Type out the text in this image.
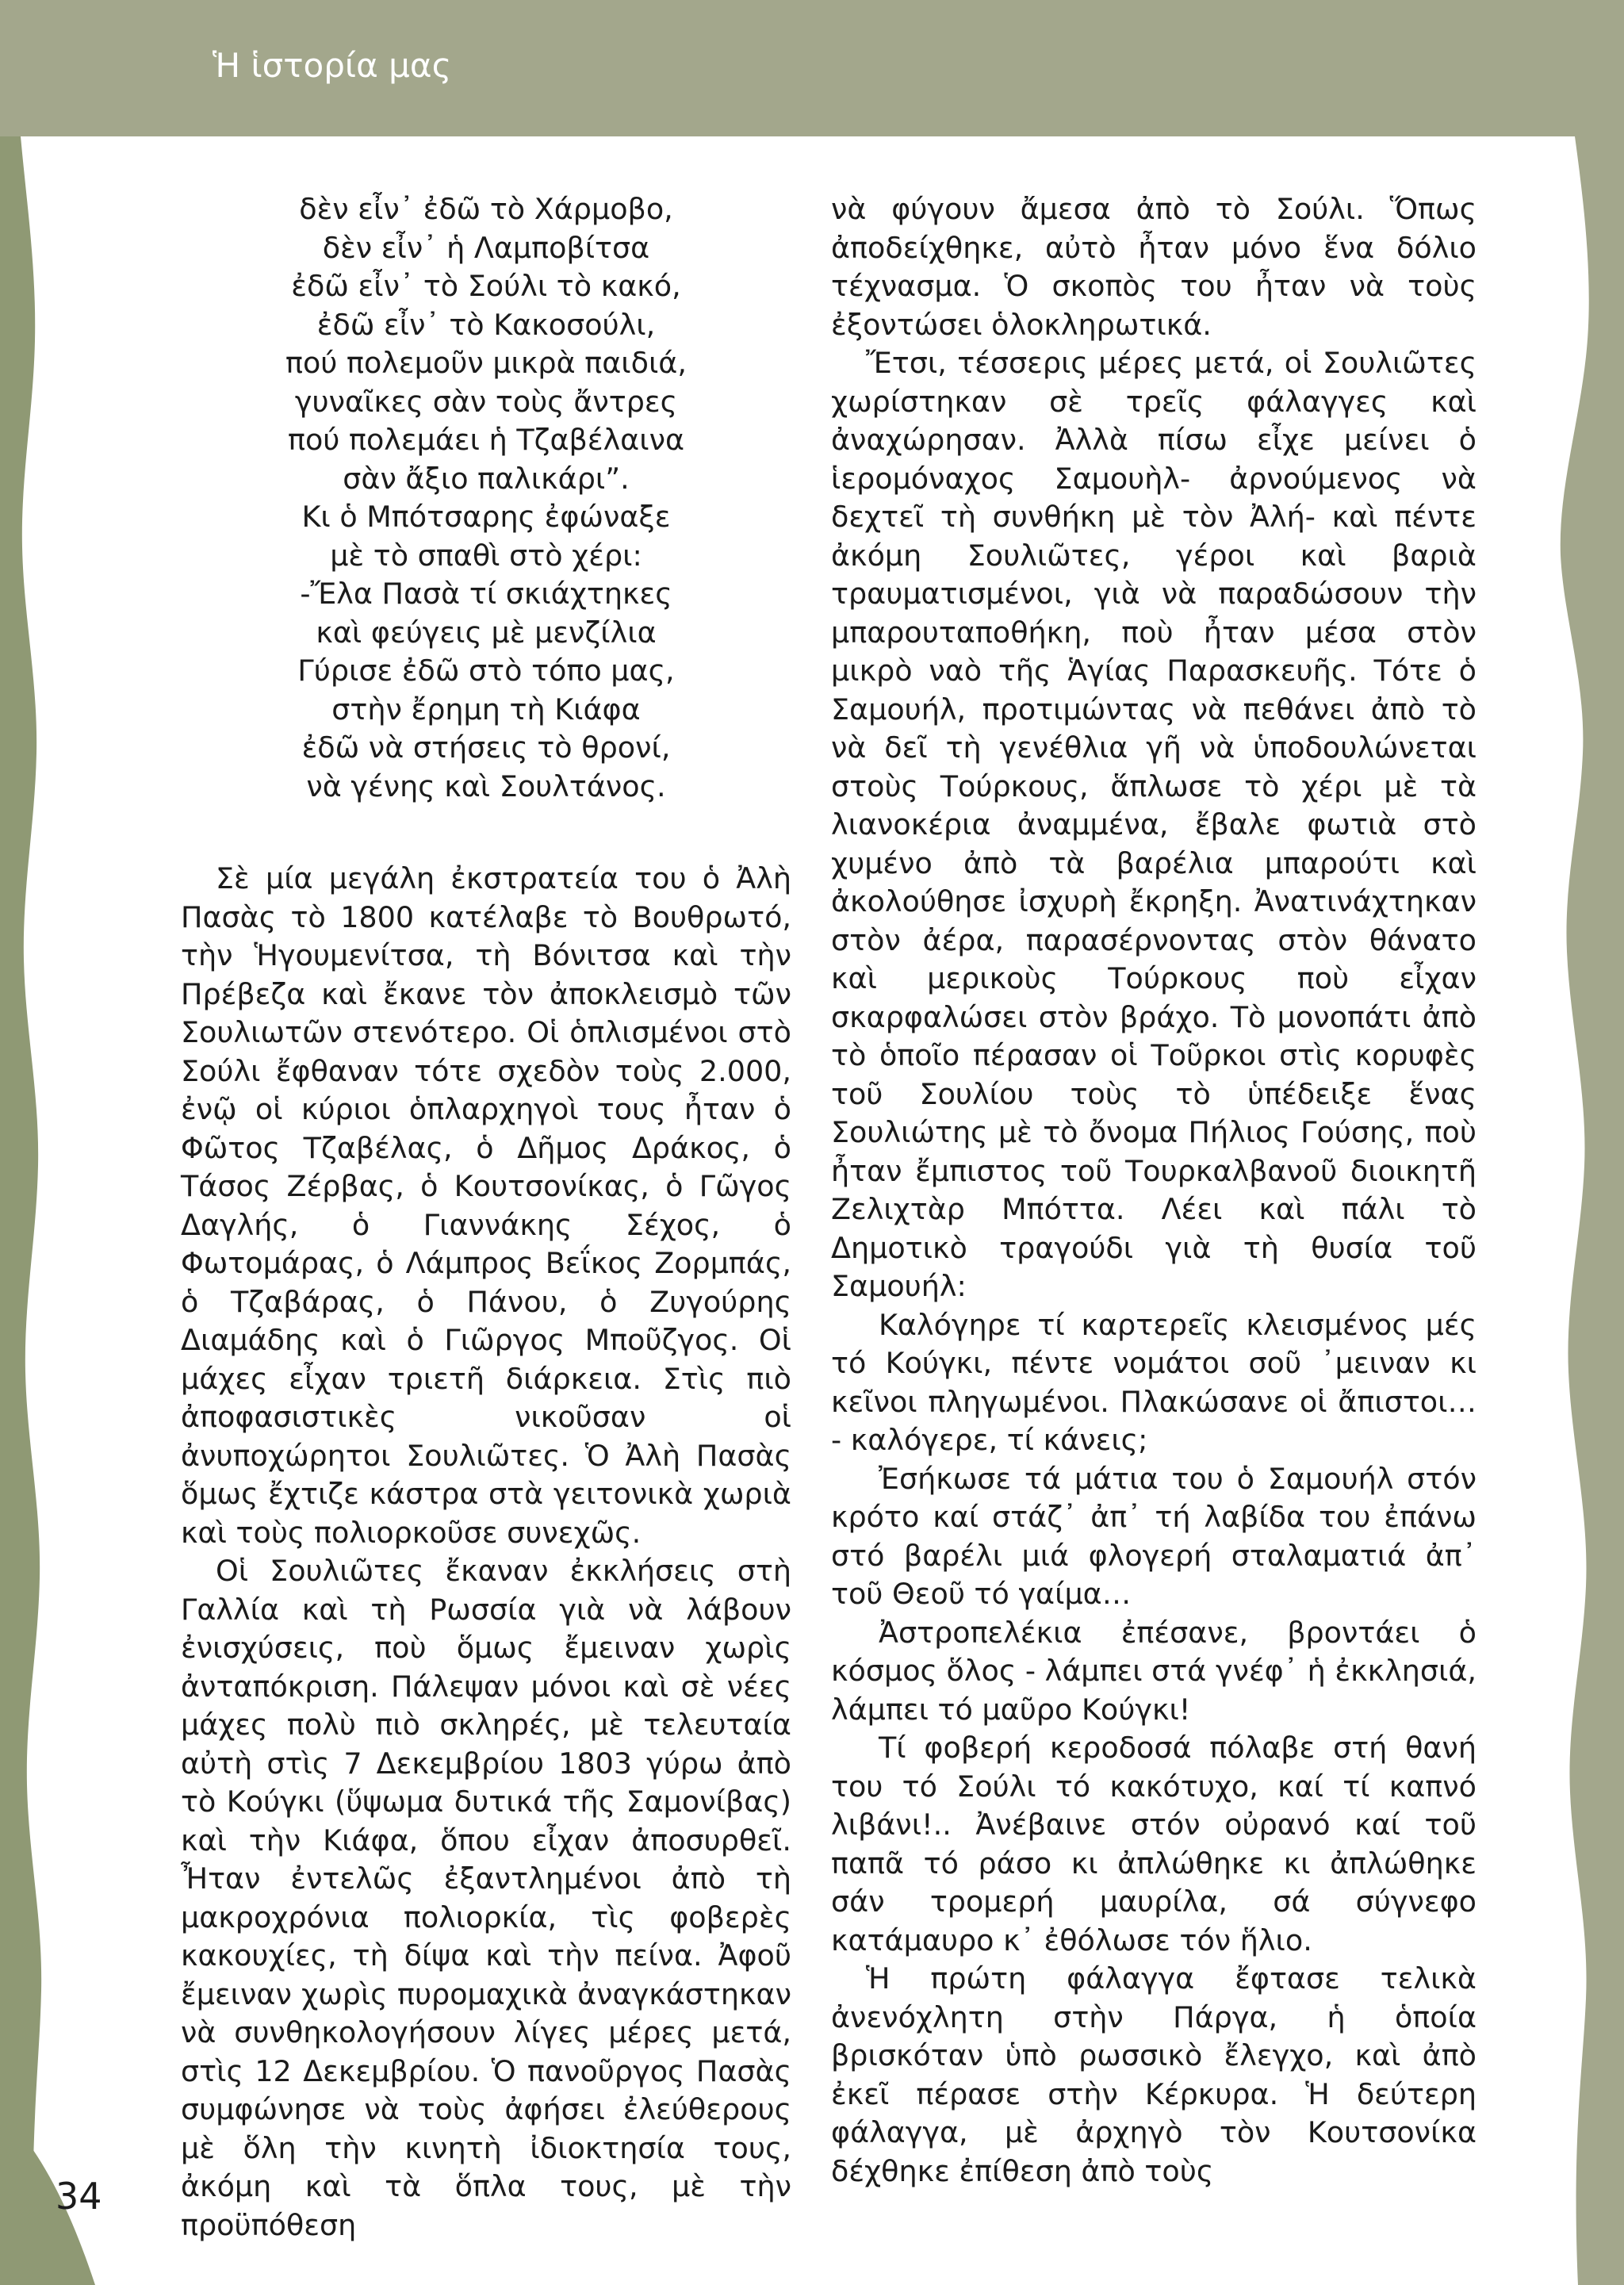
Ἡ ἱστορία μας

δὲν εἶν᾽ ἐδῶ τὸ Χάρμοβο,

δὲν εἶν᾽ ἡ Λαμποβίτσα

ἐδῶ εἶν᾽ τὸ Σούλι τὸ κακό,

ἐδῶ εἶν᾽ τὸ Κακοσούλι,

πού πολεμοῦν μικρὰ παιδιά,

γυναῖκες σὰν τοὺς ἄντρες

πού πολεμάει ἡ Τζαβέλαινα

σὰν ἄξιο παλικάρι”.

Κι ὁ Μπότσαρης ἐφώναξε

μὲ τὸ σπαθὶ στὸ χέρι:

-Ἔλα Πασὰ τί σκιάχτηκες

καὶ φεύγεις μὲ μενζίλια

Γύρισε ἐδῶ στὸ τόπο μας,

στὴν ἔρημη τὴ Κιάφα

ἐδῶ νὰ στήσεις τὸ θρονί,

νὰ γένης καὶ Σουλτάνος.

Σὲ μία μεγάλη ἐκστρατεία του ὁ Ἀλὴ Πασὰς τὸ 1800 κατέλαβε τὸ Βουθρωτό, τὴν Ἡγουμενίτσα, τὴ Βόνιτσα καὶ τὴν Πρέβεζα καὶ ἔκανε τὸν ἀποκλεισμὸ τῶν Σουλιωτῶν στενότερο. Οἱ ὁπλισμένοι στὸ Σούλι ἔφθαναν τότε σχεδὸν τοὺς 2.000, ἐνῷ οἱ κύριοι ὁπλαρχηγοὶ τους ἦταν ὁ Φῶτος Τζαβέλας, ὁ Δῆμος Δράκος, ὁ Τάσος Ζέρβας, ὁ Κουτσονίκας, ὁ Γῶγος Δαγλής, ὁ Γιαννάκης Σέχος, ὁ Φωτομάρας, ὁ Λάμπρος Βεΐκος Ζορμπάς, ὁ Τζαβάρας, ὁ Πάνου, ὁ Ζυγούρης Διαμάδης καὶ ὁ Γιῶργος Μποῦζγος. Οἱ μάχες εἶχαν τριετῆ διάρκεια. Στὶς πιὸ ἀποφασιστικὲς νικοῦσαν οἱ ἀνυποχώρητοι Σουλιῶτες. Ὁ Ἀλὴ Πασὰς ὅμως ἔχτιζε κάστρα στὰ γειτονικὰ χωριὰ καὶ τοὺς πολιορκοῦσε συνεχῶς.

Οἱ Σουλιῶτες ἔκαναν ἐκκλήσεις στὴ Γαλλία καὶ τὴ Ρωσσία γιὰ νὰ λάβουν ἐνισχύσεις, ποὺ ὅμως ἔμειναν χωρὶς ἀνταπόκριση. Πάλεψαν μόνοι καὶ σὲ νέες μάχες πολὺ πιὸ σκληρές, μὲ τελευταία αὐτὴ στὶς 7 Δεκεμβρίου 1803 γύρω ἀπὸ τὸ Κούγκι (ὕψωμα δυτικά τῆς Σαμονίβας) καὶ τὴν Κιάφα, ὅπου εἶχαν ἀποσυρθεῖ. Ἦταν ἐντελῶς ἐξαντλημένοι ἀπὸ τὴ μακροχρόνια πολιορκία, τὶς φοβερὲς κακουχίες, τὴ δίψα καὶ τὴν πείνα. Ἀφοῦ ἔμειναν χωρὶς πυρομαχικὰ ἀναγκάστηκαν νὰ συνθηκολογήσουν λίγες μέρες μετά, στὶς 12 Δεκεμβρίου. Ὁ πανοῦργος Πασὰς συμφώνησε νὰ τοὺς ἀφήσει ἐλεύθερους μὲ ὅλη τὴν κινητὴ ἰδιοκτησία τους, ἀκόμη καὶ τὰ ὅπλα τους, μὲ τὴν προϋπόθεση

νὰ φύγουν ἄμεσα ἀπὸ τὸ Σούλι. Ὅπως ἀποδείχθηκε, αὐτὸ ἦταν μόνο ἕνα δόλιο τέχνασμα. Ὁ σκοπὸς του ἦταν νὰ τοὺς ἐξοντώσει ὁλοκληρωτικά.

Ἔτσι, τέσσερις μέρες μετά, οἱ Σουλιῶτες χωρίστηκαν σὲ τρεῖς φάλαγγες καὶ ἀναχώρησαν. Ἀλλὰ πίσω εἶχε μείνει ὁ ἱερομόναχος Σαμουὴλ- ἀρνούμενος νὰ δεχτεῖ τὴ συνθήκη μὲ τὸν Ἀλή- καὶ πέντε ἀκόμη Σουλιῶτες, γέροι καὶ βαριὰ τραυματισμένοι, γιὰ νὰ παραδώσουν τὴν μπαρουταποθήκη, ποὺ ἦταν μέσα στὸν μικρὸ ναὸ τῆς Ἁγίας Παρασκευῆς. Τότε ὁ Σαμουήλ, προτιμώντας νὰ πεθάνει ἀπὸ τὸ νὰ δεῖ τὴ γενέθλια γῆ νὰ ὑποδουλώνεται στοὺς Τούρκους, ἅπλωσε τὸ χέρι μὲ τὰ λιανοκέρια ἀναμμένα, ἔβαλε φωτιὰ στὸ χυμένο ἀπὸ τὰ βαρέλια μπαρούτι καὶ ἀκολούθησε ἰσχυρὴ ἔκρηξη. Ἀνατινάχτηκαν στὸν ἀέρα, παρασέρνοντας στὸν θάνατο καὶ μερικοὺς Τούρκους ποὺ εἶχαν σκαρφαλώσει στὸν βράχο. Τὸ μονοπάτι ἀπὸ τὸ ὁποῖο πέρασαν οἱ Τοῦρκοι στὶς κορυφὲς τοῦ Σουλίου τοὺς τὸ ὑπέδειξε ἕνας Σουλιώτης μὲ τὸ ὄνομα Πήλιος Γούσης, ποὺ ἦταν ἔμπιστος τοῦ Τουρκαλβανοῦ διοικητῆ Ζελιχτὰρ Μπόττα. Λέει καὶ πάλι τὸ Δημοτικὸ τραγούδι γιὰ τὴ θυσία τοῦ Σαμουήλ:

Καλόγηρε τί καρτερεῖς κλεισμένος μές τό Κούγκι, πέντε νομάτοι σοῦ ᾽μειναν κι κεῖνοι πληγωμένοι. Πλακώσανε οἱ ἄπιστοι… - καλόγερε, τί κάνεις;

Ἐσήκωσε τά μάτια του ὁ Σαμουήλ στόν κρότο καί στάζ᾽ ἀπ᾽ τή λαβίδα του ἐπάνω στό βαρέλι μιά φλογερή σταλαματιά ἀπ᾽ τοῦ Θεοῦ τό γαίμα…

Ἀστροπελέκια ἐπέσανε, βροντάει ὁ κόσμος ὅλος - λάμπει στά γνέφ᾽ ἡ ἐκκλησιά, λάμπει τό μαῦρο Κούγκι!

Τί φοβερή κεροδοσά πόλαβε στή θανή του τό Σούλι τό κακότυχο, καί τί καπνό λιβάνι!.. Ἀνέβαινε στόν οὐρανό καί τοῦ παπᾶ τό ράσο κι ἀπλώθηκε κι ἀπλώθηκε σάν τρομερή μαυρίλα, σά σύγνεφο κατάμαυρο κ᾽ ἐθόλωσε τόν ἥλιο.

Ἡ πρώτη φάλαγγα ἔφτασε τελικὰ ἀνενόχλητη στὴν Πάργα, ἡ ὁποία βρισκόταν ὑπὸ ρωσσικὸ ἔλεγχο, καὶ ἀπὸ ἐκεῖ πέρασε στὴν Κέρκυρα. Ἡ δεύτερη φάλαγγα, μὲ ἀρχηγὸ τὸν Κουτσονίκα δέχθηκε ἐπίθεση ἀπὸ τοὺς

34
